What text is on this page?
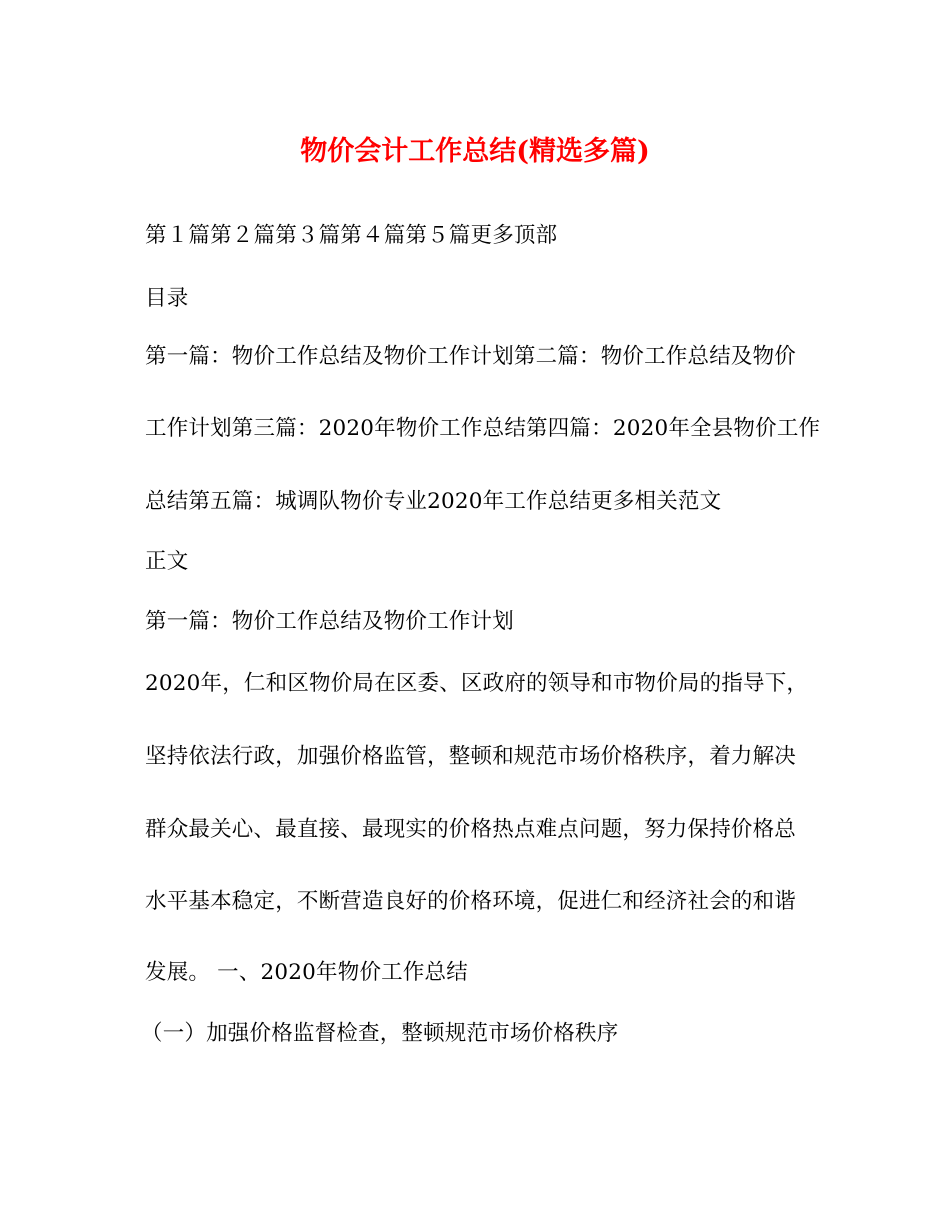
物价会计工作总结(精选多篇)
第１篇第２篇第３篇第４篇第５篇更多顶部
目录
第一篇：物价工作总结及物价工作计划第二篇：物价工作总结及物价
工作计划第三篇：2020年物价工作总结第四篇：2020年全县物价工作
总结第五篇：城调队物价专业2020年工作总结更多相关范文
正文
第一篇：物价工作总结及物价工作计划
2020年，仁和区物价局在区委、区政府的领导和市物价局的指导下，
坚持依法行政，加强价格监管，整顿和规范市场价格秩序，着力解决
群众最关心、最直接、最现实的价格热点难点问题，努力保持价格总
水平基本稳定，不断营造良好的价格环境，促进仁和经济社会的和谐
发展。 一、2020年物价工作总结
（一）加强价格监督检查，整顿规范市场价格秩序
